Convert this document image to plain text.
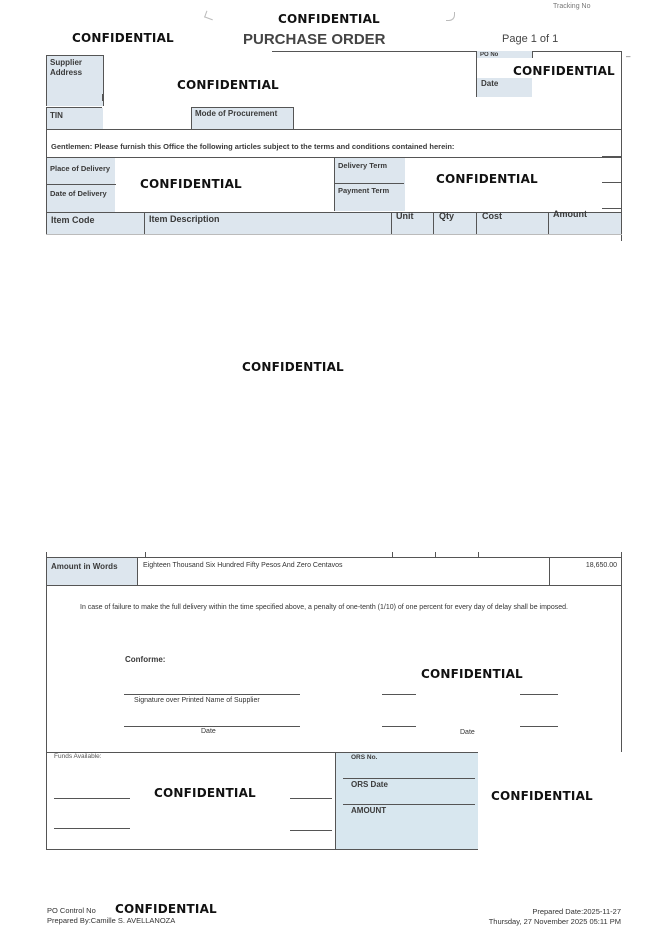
Tracking No
CONFIDENTIAL
CONFIDENTIAL	PURCHASE ORDER	Page 1 of 1
–
Supplier Address
CONFIDENTIAL
PO No
CONFIDENTIAL
Date
TIN	Mode of Procurement
Gentlemen: Please furnish this Office the following articles subject to the terms and conditions contained herein:
Place of Delivery
Date of Delivery
CONFIDENTIAL
Delivery Term
Payment Term
CONFIDENTIAL
Item Code	Item Description	Unit	Qty	Cost	Amount
CONFIDENTIAL
Amount in Words	Eighteen Thousand Six Hundred Fifty Pesos And Zero Centavos	18,650.00
In case of failure to make the full delivery within the time specified above, a penalty of one-tenth (1/10) of one percent for every day of delay shall be imposed.
Conforme:
CONFIDENTIAL
Signature over Printed Name of Supplier
Date	Date
Funds Available:
CONFIDENTIAL
ORS No.
ORS Date
AMOUNT
CONFIDENTIAL
PO Control No CONFIDENTIAL
Prepared By:Camille S. AVELLANOZA
Prepared Date:2025-11-27
Thursday, 27 November 2025 05:11 PM
